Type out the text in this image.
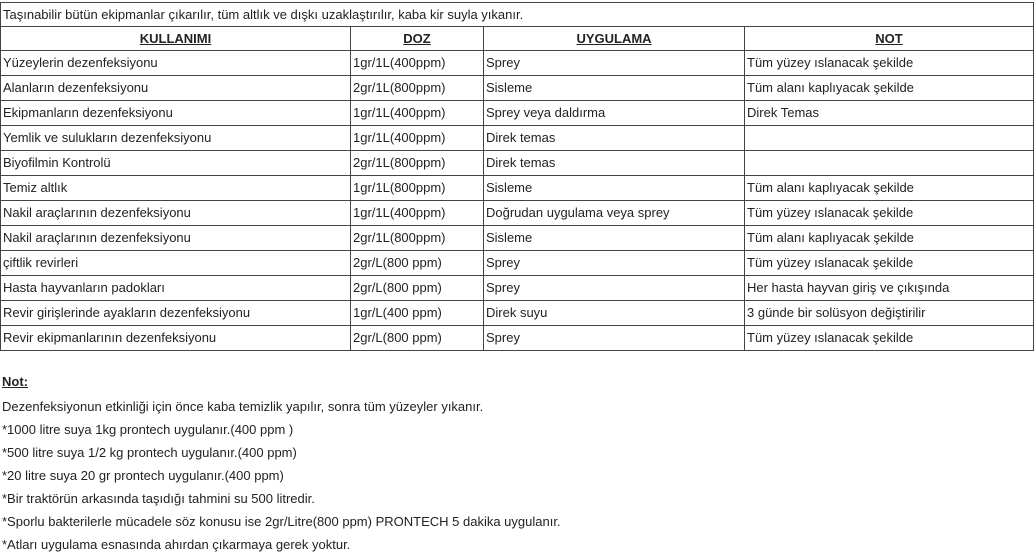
Taşınabilir bütün ekipmanlar çıkarılır, tüm altlık ve dışkı uzaklaştırılır, kaba kir suyla yıkanır.			
KULLANIMI	DOZ	UYGULAMA	NOT
Yüzeylerin dezenfeksiyonu	1gr/1L(400ppm)	Sprey	Tüm yüzey ıslanacak şekilde
Alanların dezenfeksiyonu	2gr/1L(800ppm)	Sisleme	Tüm alanı kaplıyacak şekilde
Ekipmanların dezenfeksiyonu	1gr/1L(400ppm)	Sprey veya daldırma	Direk Temas
Yemlik ve sulukların dezenfeksiyonu	1gr/1L(400ppm)	Direk temas	
Biyofilmin Kontrolü	2gr/1L(800ppm)	Direk temas	
Temiz altlık	1gr/1L(800ppm)	Sisleme	Tüm alanı kaplıyacak şekilde
Nakil araçlarının dezenfeksiyonu	1gr/1L(400ppm)	Doğrudan uygulama veya sprey	Tüm yüzey ıslanacak şekilde
Nakil araçlarının dezenfeksiyonu	2gr/1L(800ppm)	Sisleme	Tüm alanı kaplıyacak şekilde
çiftlik revirleri	2gr/L(800 ppm)	Sprey	Tüm yüzey ıslanacak şekilde
Hasta hayvanların padokları	2gr/L(800 ppm)	Sprey	Her hasta hayvan giriş ve çıkışında
Revir girişlerinde ayakların dezenfeksiyonu	1gr/L(400 ppm)	Direk suyu	3 günde bir solüsyon değiştirilir
Revir ekipmanlarının dezenfeksiyonu	2gr/L(800 ppm)	Sprey	Tüm yüzey ıslanacak şekilde
Not:
Dezenfeksiyonun etkinliği için önce kaba temizlik yapılır, sonra tüm yüzeyler yıkanır.
*1000 litre suya 1kg prontech uygulanır.(400 ppm )
*500 litre suya 1/2 kg prontech uygulanır.(400 ppm)
*20 litre suya 20 gr prontech uygulanır.(400 ppm)
*Bir traktörün arkasında taşıdığı tahmini su 500 litredir.
*Sporlu bakterilerle mücadele söz konusu ise 2gr/Litre(800 ppm) PRONTECH 5 dakika uygulanır.
*Atları uygulama esnasında ahırdan çıkarmaya gerek yoktur.
